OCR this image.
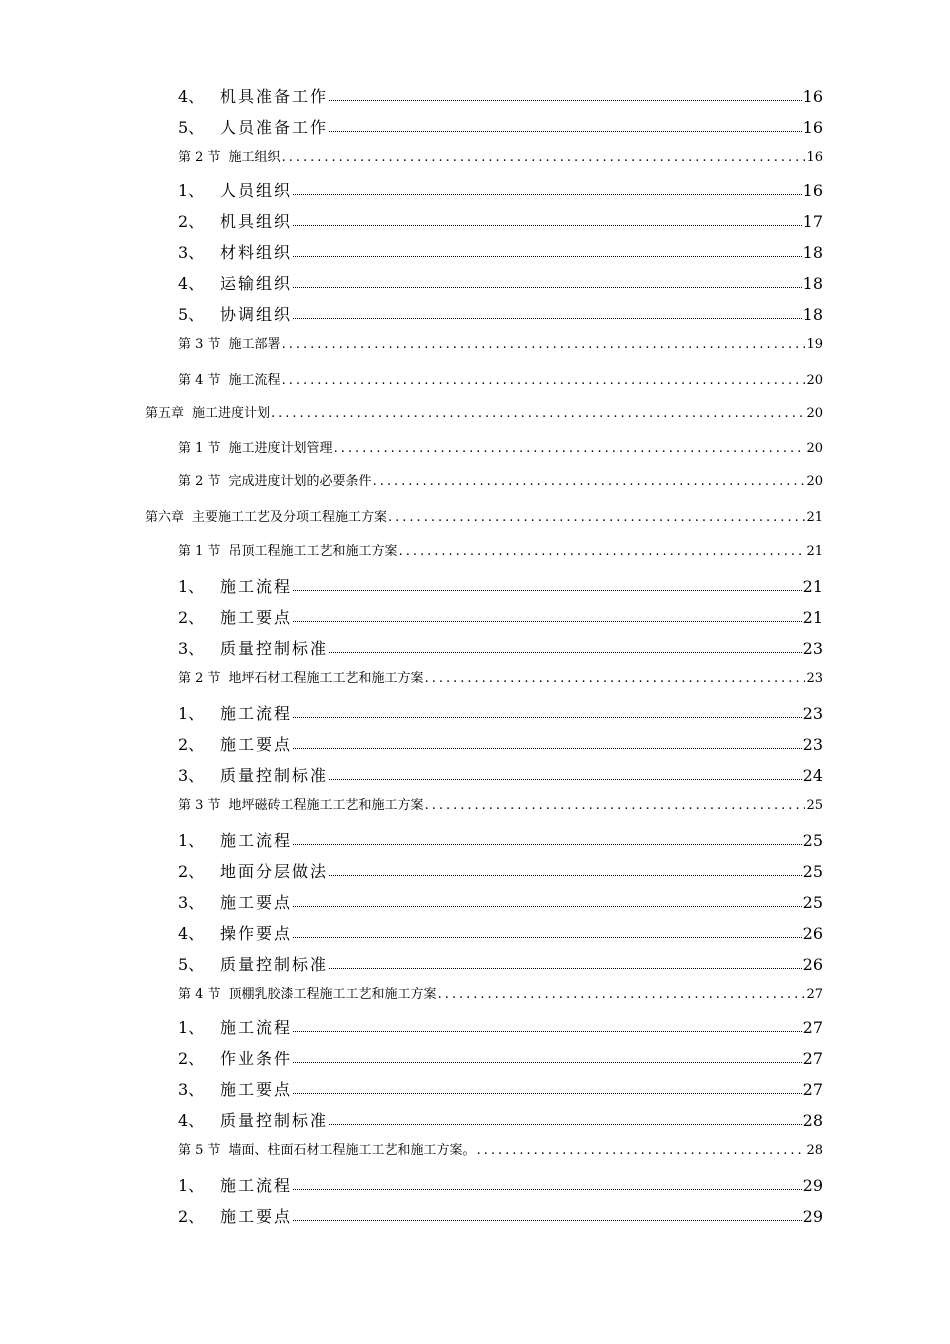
4、 机具准备工作	16
5、 人员准备工作	16
第 2 节 施工组织 .....	16
1、 人员组织	16
2、 机具组织	17
3、 材料组织	18
4、 运输组织	18
5、 协调组织	18
第 3 节 施工部署 .....	19
第 4 节 施工流程 .....	20
第五章 施工进度计划 .....	20
第 1 节 施工进度计划管理 .....	20
第 2 节 完成进度计划的必要条件 .....	20
第六章 主要施工工艺及分项工程施工方案 .....	21
第 1 节 吊顶工程施工工艺和施工方案 .....	21
1、 施工流程	21
2、 施工要点	21
3、 质量控制标准	23
第 2 节 地坪石材工程施工工艺和施工方案 .....	23
1、 施工流程	23
2、 施工要点	23
3、 质量控制标准	24
第 3 节 地坪磁砖工程施工工艺和施工方案 .....	25
1、 施工流程	25
2、 地面分层做法	25
3、 施工要点	25
4、 操作要点	26
5、 质量控制标准	26
第 4 节 顶棚乳胶漆工程施工工艺和施工方案 .....	27
1、 施工流程	27
2、 作业条件	27
3、 施工要点	27
4、 质量控制标准	28
第 5 节 墙面、柱面石材工程施工工艺和施工方案。 .....	28
1、 施工流程	29
2、 施工要点	29
